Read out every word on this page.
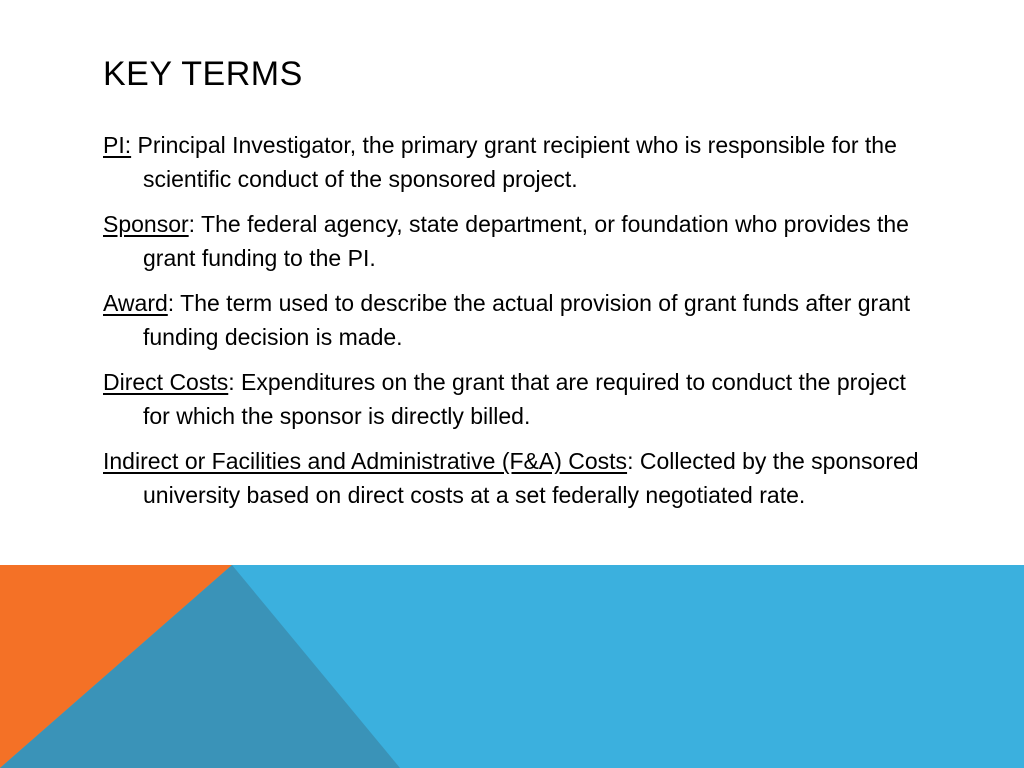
KEY TERMS
PI: Principal Investigator, the primary grant recipient who is responsible for the scientific conduct of the sponsored project.
Sponsor: The federal agency, state department, or foundation who provides the grant funding to the PI.
Award: The term used to describe the actual provision of grant funds after grant funding decision is made.
Direct Costs: Expenditures on the grant that are required to conduct the project for which the sponsor is directly billed.
Indirect or Facilities and Administrative (F&A) Costs: Collected by the sponsored university based on direct costs at a set federally negotiated rate.
